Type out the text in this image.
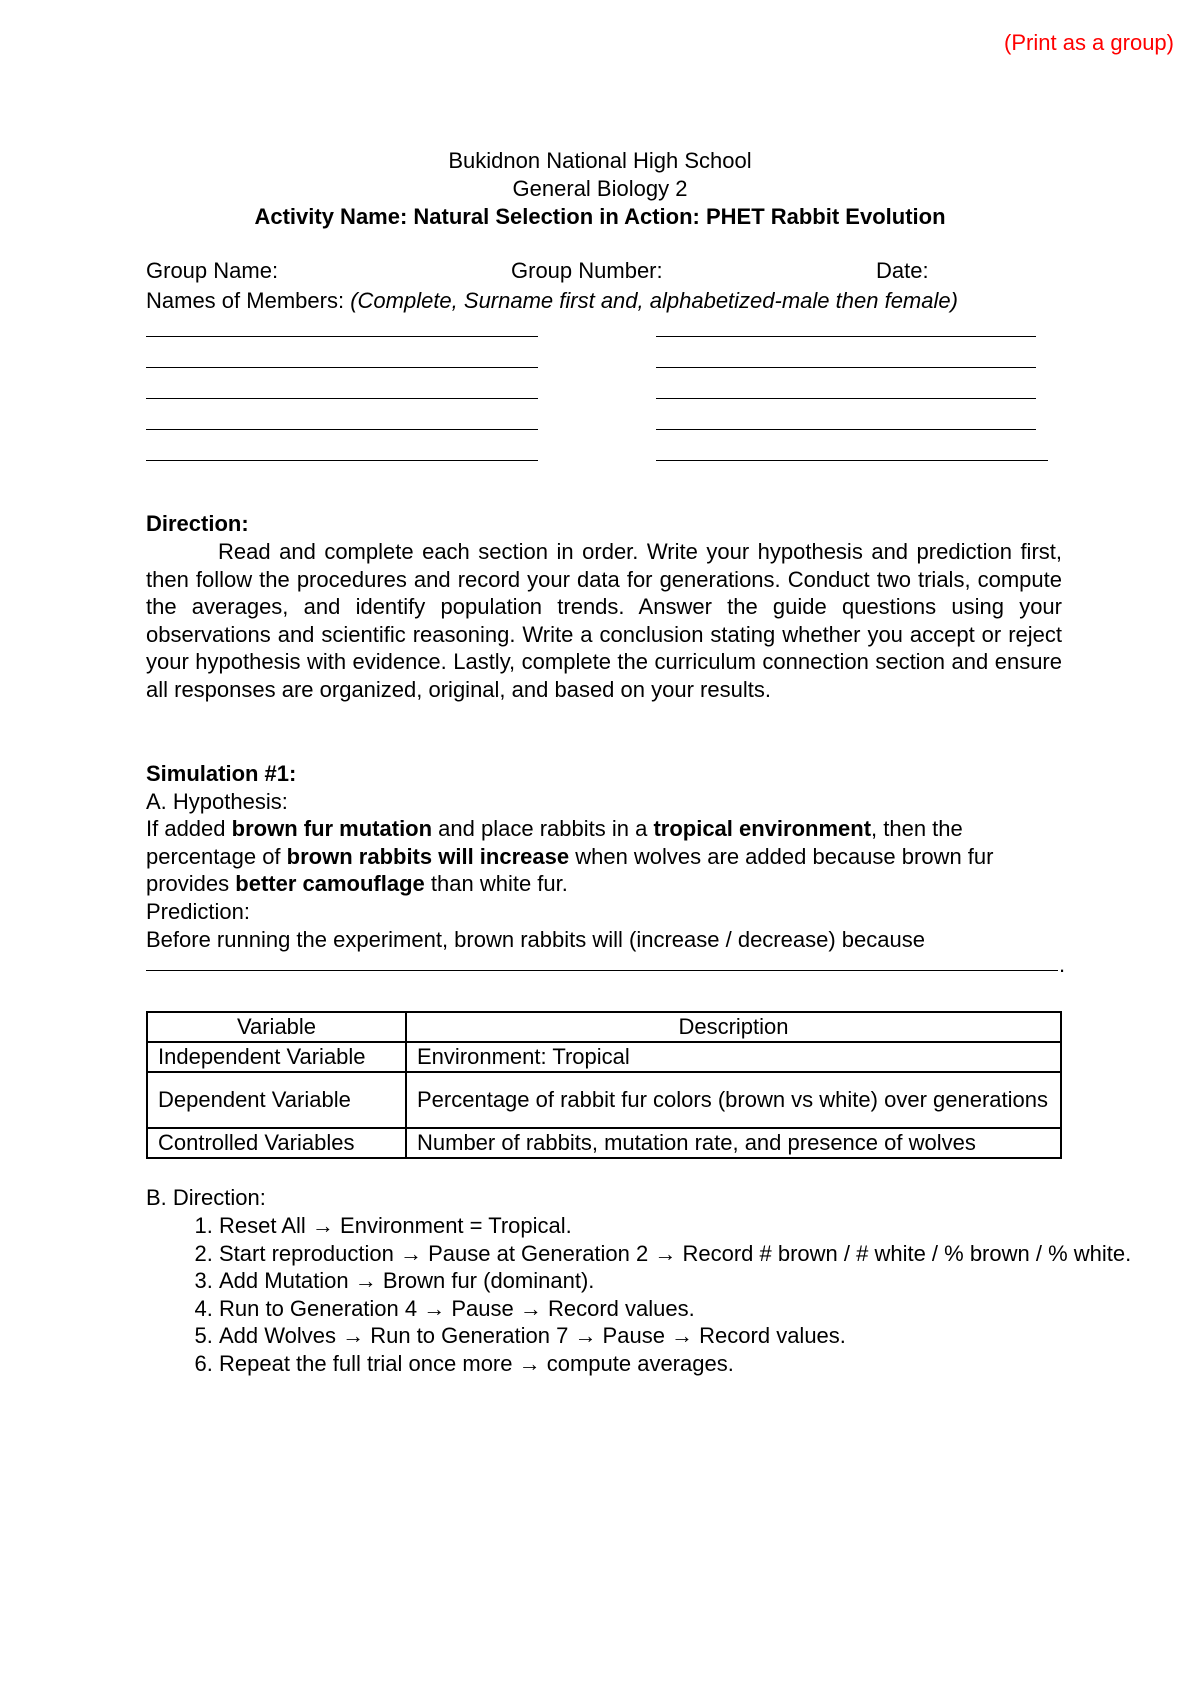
(Print as a group)
Bukidnon National High School
General Biology 2
Activity Name: Natural Selection in Action: PHET Rabbit Evolution
Group Name:	Group Number:	Date:
Names of Members: (Complete, Surname first and, alphabetized-male then female)
Direction:
Read and complete each section in order. Write your hypothesis and prediction first, then follow the procedures and record your data for generations. Conduct two trials, compute the averages, and identify population trends. Answer the guide questions using your observations and scientific reasoning. Write a conclusion stating whether you accept or reject your hypothesis with evidence. Lastly, complete the curriculum connection section and ensure all responses are organized, original, and based on your results.
Simulation #1:
A. Hypothesis:
If added brown fur mutation and place rabbits in a tropical environment, then the percentage of brown rabbits will increase when wolves are added because brown fur provides better camouflage than white fur.
Prediction:
Before running the experiment, brown rabbits will (increase / decrease) because
.
Variable	Description
Independent Variable	Environment: Tropical
Dependent Variable	Percentage of rabbit fur colors (brown vs white) over generations
Controlled Variables	Number of rabbits, mutation rate, and presence of wolves
B. Direction:
1. Reset All → Environment = Tropical.
2. Start reproduction → Pause at Generation 2 → Record # brown / # white / % brown / % white.
3. Add Mutation → Brown fur (dominant).
4. Run to Generation 4 → Pause → Record values.
5. Add Wolves → Run to Generation 7 → Pause → Record values.
6. Repeat the full trial once more → compute averages.
